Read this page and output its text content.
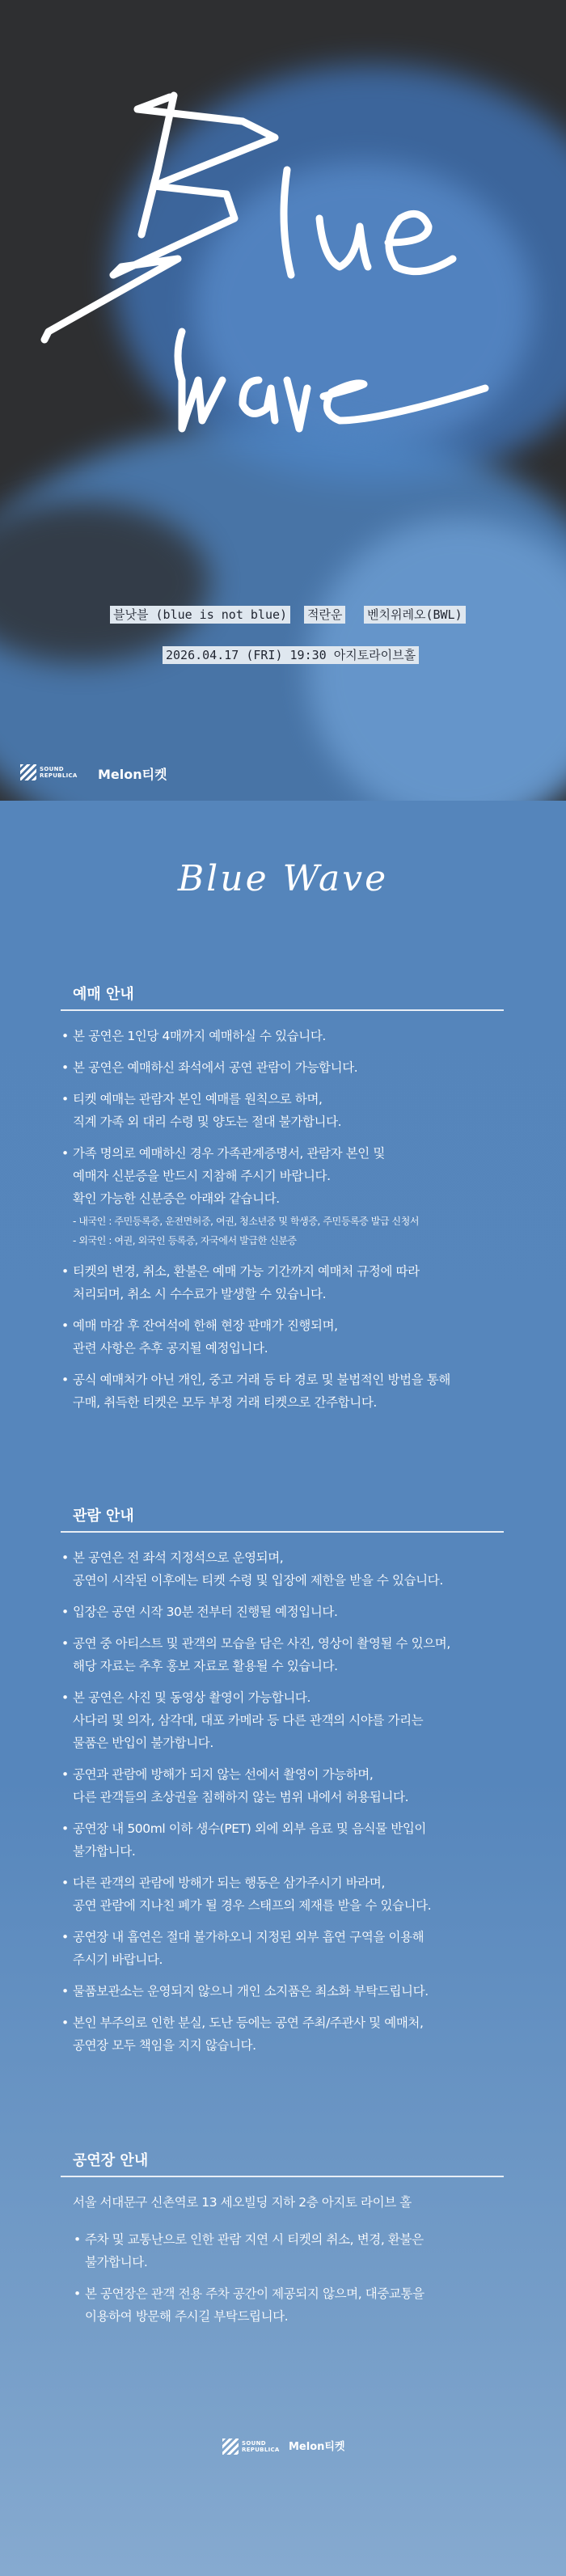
블낫블 (blue is not blue) 적란운 벤치위레오(BWL)
2026.04.17 (FRI) 19:30 아지토라이브홀
SOUND
REPUBLICA Melon티켓
Blue Wave
예매 안내
• 본 공연은 1인당 4매까지 예매하실 수 있습니다.
• 본 공연은 예매하신 좌석에서 공연 관람이 가능합니다.
• 티켓 예매는 관람자 본인 예매를 원칙으로 하며,
직계 가족 외 대리 수령 및 양도는 절대 불가합니다.
• 가족 명의로 예매하신 경우 가족관계증명서, 관람자 본인 및
예매자 신분증을 반드시 지참해 주시기 바랍니다.
확인 가능한 신분증은 아래와 같습니다.
- 내국인 : 주민등록증, 운전면허증, 여권, 청소년증 및 학생증, 주민등록증 발급 신청서
- 외국인 : 여권, 외국인 등록증, 자국에서 발급한 신분증
• 티켓의 변경, 취소, 환불은 예매 가능 기간까지 예매처 규정에 따라
처리되며, 취소 시 수수료가 발생할 수 있습니다.
• 예매 마감 후 잔여석에 한해 현장 판매가 진행되며,
관련 사항은 추후 공지될 예정입니다.
• 공식 예매처가 아닌 개인, 중고 거래 등 타 경로 및 불법적인 방법을 통해
구매, 취득한 티켓은 모두 부정 거래 티켓으로 간주합니다.
관람 안내
• 본 공연은 전 좌석 지정석으로 운영되며,
공연이 시작된 이후에는 티켓 수령 및 입장에 제한을 받을 수 있습니다.
• 입장은 공연 시작 30분 전부터 진행될 예정입니다.
• 공연 중 아티스트 및 관객의 모습을 담은 사진, 영상이 촬영될 수 있으며,
해당 자료는 추후 홍보 자료로 활용될 수 있습니다.
• 본 공연은 사진 및 동영상 촬영이 가능합니다.
사다리 및 의자, 삼각대, 대포 카메라 등 다른 관객의 시야를 가리는
물품은 반입이 불가합니다.
• 공연과 관람에 방해가 되지 않는 선에서 촬영이 가능하며,
다른 관객들의 초상권을 침해하지 않는 범위 내에서 허용됩니다.
• 공연장 내 500ml 이하 생수(PET) 외에 외부 음료 및 음식물 반입이
불가합니다.
• 다른 관객의 관람에 방해가 되는 행동은 삼가주시기 바라며,
공연 관람에 지나친 폐가 될 경우 스태프의 제재를 받을 수 있습니다.
• 공연장 내 흡연은 절대 불가하오니 지정된 외부 흡연 구역을 이용해
주시기 바랍니다.
• 물품보관소는 운영되지 않으니 개인 소지품은 최소화 부탁드립니다.
• 본인 부주의로 인한 분실, 도난 등에는 공연 주최/주관사 및 예매처,
공연장 모두 책임을 지지 않습니다.
공연장 안내
서울 서대문구 신촌역로 13 세오빌딩 지하 2층 아지토 라이브 홀
• 주차 및 교통난으로 인한 관람 지연 시 티켓의 취소, 변경, 환불은
불가합니다.
• 본 공연장은 관객 전용 주차 공간이 제공되지 않으며, 대중교통을
이용하여 방문해 주시길 부탁드립니다.
SOUND
REPUBLICA Melon티켓
